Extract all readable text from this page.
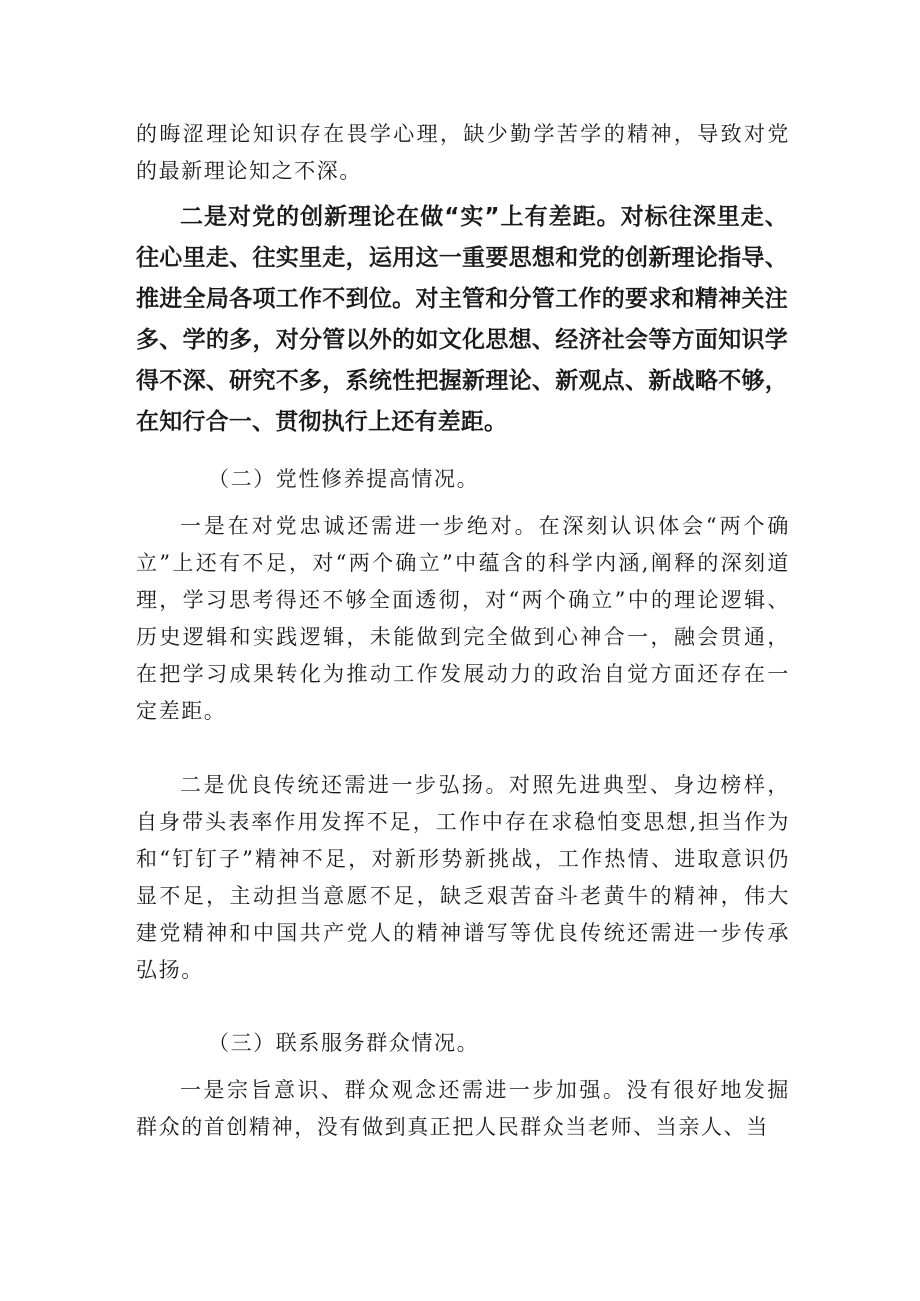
的晦涩理论知识存在畏学心理，缺少勤学苦学的精神，导致对党的最新理论知之不深。

二是对党的创新理论在做“实”上有差距。对标往深里走、往心里走、往实里走，运用这一重要思想和党的创新理论指导、推进全局各项工作不到位。对主管和分管工作的要求和精神关注多、学的多，对分管以外的如文化思想、经济社会等方面知识学得不深、研究不多，系统性把握新理论、新观点、新战略不够，在知行合一、贯彻执行上还有差距。

（二）党性修养提高情况。

一是在对党忠诚还需进一步绝对。在深刻认识体会“两个确立”上还有不足，对“两个确立”中蕴含的科学内涵,阐释的深刻道理，学习思考得还不够全面透彻，对“两个确立”中的理论逻辑、历史逻辑和实践逻辑，未能做到完全做到心神合一，融会贯通，在把学习成果转化为推动工作发展动力的政治自觉方面还存在一定差距。

二是优良传统还需进一步弘扬。对照先进典型、身边榜样，自身带头表率作用发挥不足，工作中存在求稳怕变思想,担当作为和“钉钉子”精神不足，对新形势新挑战，工作热情、进取意识仍显不足，主动担当意愿不足，缺乏艰苦奋斗老黄牛的精神，伟大建党精神和中国共产党人的精神谱写等优良传统还需进一步传承弘扬。

（三）联系服务群众情况。

一是宗旨意识、群众观念还需进一步加强。没有很好地发掘群众的首创精神，没有做到真正把人民群众当老师、当亲人、当
